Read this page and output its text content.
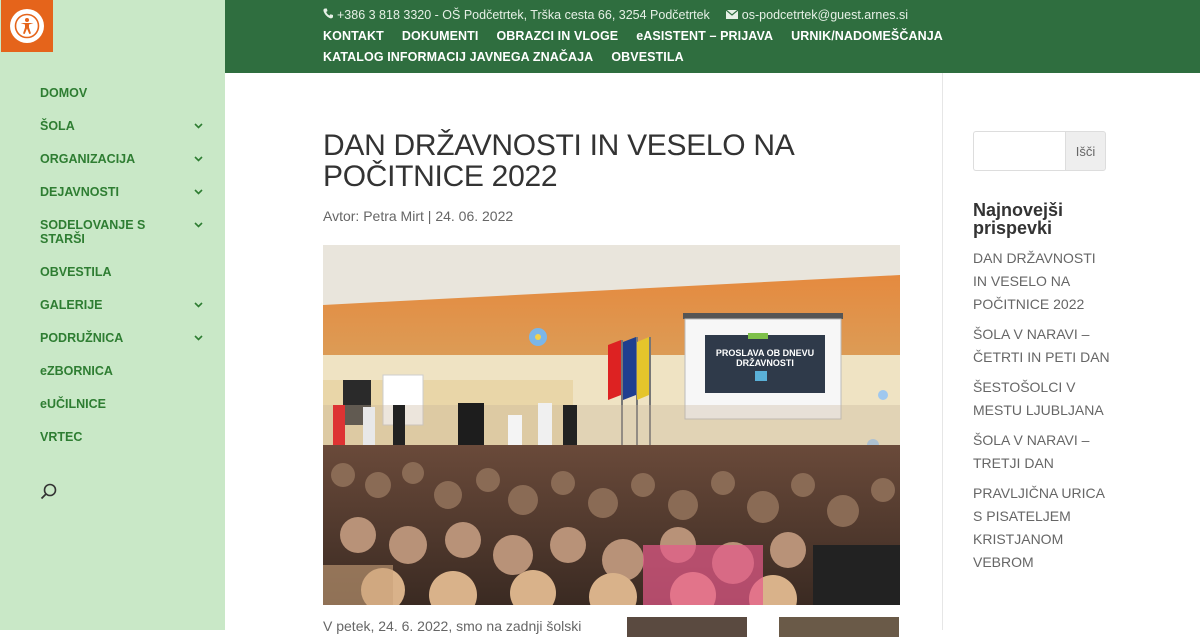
DOMOV
ŠOLA
ORGANIZACIJA
DEJAVNOSTI
SODELOVANJE S STARŠI
OBVESTILA
GALERIJE
PODRUŽNICA
eZBORNICA
eUČILNICE
VRTEC
+386 3 818 3320 - OŠ Podčetrtek, Trška cesta 66, 3254 Podčetrtek	os-podcetrtek@guest.arnes.si
KONTAKT DOKUMENTI OBRAZCI IN VLOGE eASISTENT – PRIJAVA URNIK/NADOMEŠČANJA
KATALOG INFORMACIJ JAVNEGA ZNAČAJA OBVESTILA
DAN DRŽAVNOSTI IN VESELO NA
POČITNICE 2022

Avtor: Petra Mirt | 24. 06. 2022

PROSLAVA OB DNEVU
DRŽAVNOSTI

V petek, 24. 6. 2022, smo na zadnji šolski

Išči
Najnovejši prispevki
DAN DRŽAVNOSTI IN VESELO NA POČITNICE 2022
ŠOLA V NARAVI – ČETRTI IN PETI DAN
ŠESTOŠOLCI V MESTU LJUBLJANA
ŠOLA V NARAVI – TRETJI DAN
PRAVLJIČNA URICA S PISATELJEM KRISTJANOM VEBROM
